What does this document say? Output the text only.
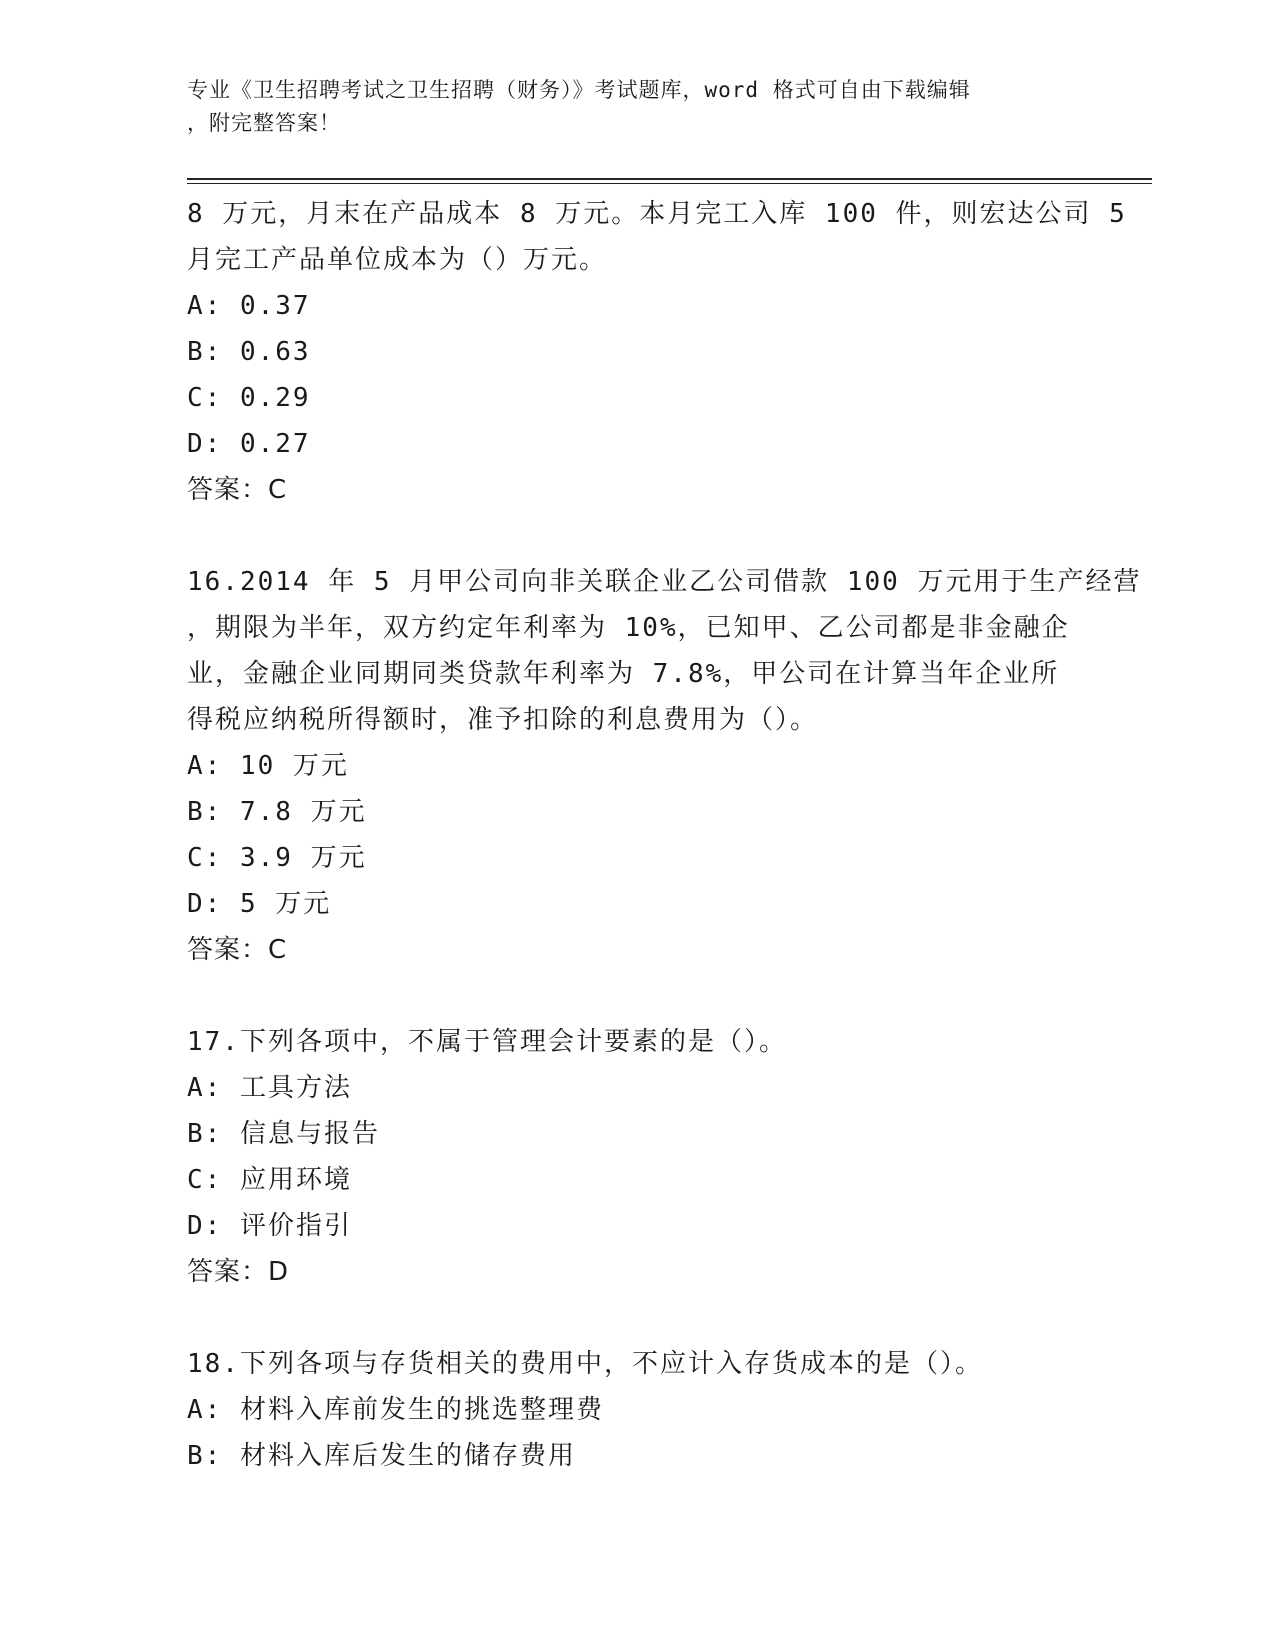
专业《卫生招聘考试之卫生招聘（财务）》考试题库，word 格式可自由下载编辑
，附完整答案！
8 万元，月末在产品成本 8 万元。本月完工入库 100 件，则宏达公司 5
月完工产品单位成本为（）万元。
A: 0.37
B: 0.63
C: 0.29
D: 0.27
答案：C
16.2014 年 5 月甲公司向非关联企业乙公司借款 100 万元用于生产经营
，期限为半年，双方约定年利率为 10%，已知甲、乙公司都是非金融企
业，金融企业同期同类贷款年利率为 7.8%，甲公司在计算当年企业所
得税应纳税所得额时，准予扣除的利息费用为（）。
A: 10 万元
B: 7.8 万元
C: 3.9 万元
D: 5 万元
答案：C
17.下列各项中，不属于管理会计要素的是（）。
A: 工具方法
B: 信息与报告
C: 应用环境
D: 评价指引
答案：D
18.下列各项与存货相关的费用中，不应计入存货成本的是（）。
A: 材料入库前发生的挑选整理费
B: 材料入库后发生的储存费用
